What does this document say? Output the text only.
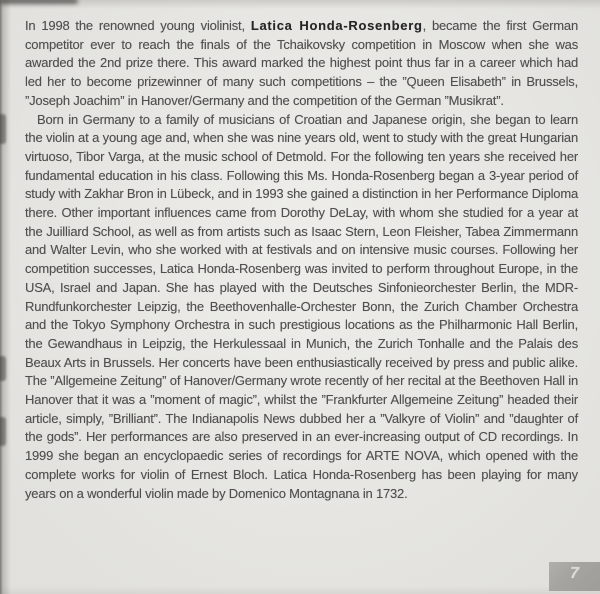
In 1998 the renowned young violinist, Latica Honda-Rosenberg, became the first German competitor ever to reach the finals of the Tchaikovsky competition in Moscow when she was awarded the 2nd prize there. This award marked the highest point thus far in a career which had led her to become prizewinner of many such competitions – the ”Queen Elisabeth” in Brussels, ”Joseph Joachim” in Hanover/Germany and the competition of the German ”Musikrat”.

Born in Germany to a family of musicians of Croatian and Japanese origin, she began to learn the violin at a young age and, when she was nine years old, went to study with the great Hungarian virtuoso, Tibor Varga, at the music school of Detmold. For the following ten years she received her fundamental education in his class. Following this Ms. Honda-Rosenberg began a 3-year period of study with Zakhar Bron in Lübeck, and in 1993 she gained a distinction in her Performance Diploma there. Other important influences came from Dorothy DeLay, with whom she studied for a year at the Juilliard School, as well as from artists such as Isaac Stern, Leon Fleisher, Tabea Zimmermann and Walter Levin, who she worked with at festivals and on intensive music courses. Following her competition successes, Latica Honda-Rosenberg was invited to perform throughout Europe, in the USA, Israel and Japan. She has played with the Deutsches Sinfonieorchester Berlin, the MDR-Rundfunkorchester Leipzig, the Beethovenhalle-Orchester Bonn, the Zurich Chamber Orchestra and the Tokyo Symphony Orchestra in such prestigious locations as the Philharmonic Hall Berlin, the Gewandhaus in Leipzig, the Herkulessaal in Munich, the Zurich Tonhalle and the Palais des Beaux Arts in Brussels. Her concerts have been enthusiastically received by press and public alike. The ”Allgemeine Zeitung” of Hanover/Germany wrote recently of her recital at the Beethoven Hall in Hanover that it was a ”moment of magic”, whilst the ”Frankfurter Allgemeine Zeitung” headed their article, simply, ”Brilliant”. The Indianapolis News dubbed her a ”Valkyre of Violin” and ”daughter of the gods”. Her performances are also preserved in an ever-increasing output of CD recordings. In 1999 she began an encyclopaedic series of recordings for ARTE NOVA, which opened with the complete works for violin of Ernest Bloch. Latica Honda-Rosenberg has been playing for many years on a wonderful violin made by Domenico Montagnana in 1732.

7
